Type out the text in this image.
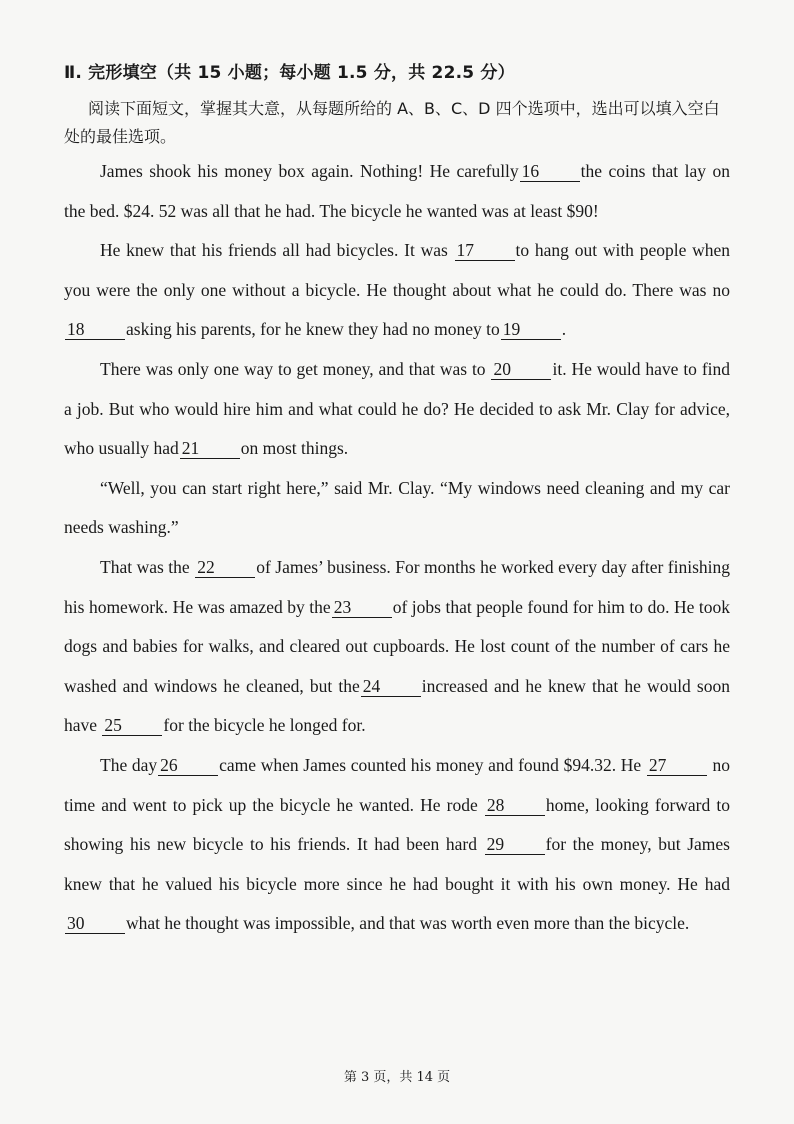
Ⅱ. 完形填空（共 15 小题；每小题 1.5 分，共 22.5 分）
阅读下面短文，掌握其大意，从每题所给的 A、B、C、D 四个选项中，选出可以填入空白处的最佳选项。

James shook his money box again. Nothing! He carefully 16 the coins that lay on the bed. $24. 52 was all that he had. The bicycle he wanted was at least $90!

He knew that his friends all had bicycles. It was 17 to hang out with people when you were the only one without a bicycle. He thought about what he could do. There was no18 asking his parents, for he knew they had no money to 19 .

There was only one way to get money, and that was to 20 it. He would have to find a job. But who would hire him and what could he do? He decided to ask Mr. Clay for advice, who usually had 21 on most things.

“Well, you can start right here,” said Mr. Clay. “My windows need cleaning and my car needs washing.”

That was the 22 of James’ business. For months he worked every day after finishing his homework. He was amazed by the 23 of jobs that people found for him to do. He took dogs and babies for walks, and cleared out cupboards. He lost count of the number of cars he washed and windows he cleaned, but the 24 increased and he knew that he would soon have 25 for the bicycle he longed for.

The day 26 came when James counted his money and found $94.32. He 27	no time and went to pick up the bicycle he wanted. He rode 28 home, looking forward to showing his new bicycle to his friends. It had been hard 29 for the money, but James knew that he valued his bicycle more since he had bought it with his own money. He had30 what he thought was impossible, and that was worth even more than the bicycle.

第 3 页，共 14 页
